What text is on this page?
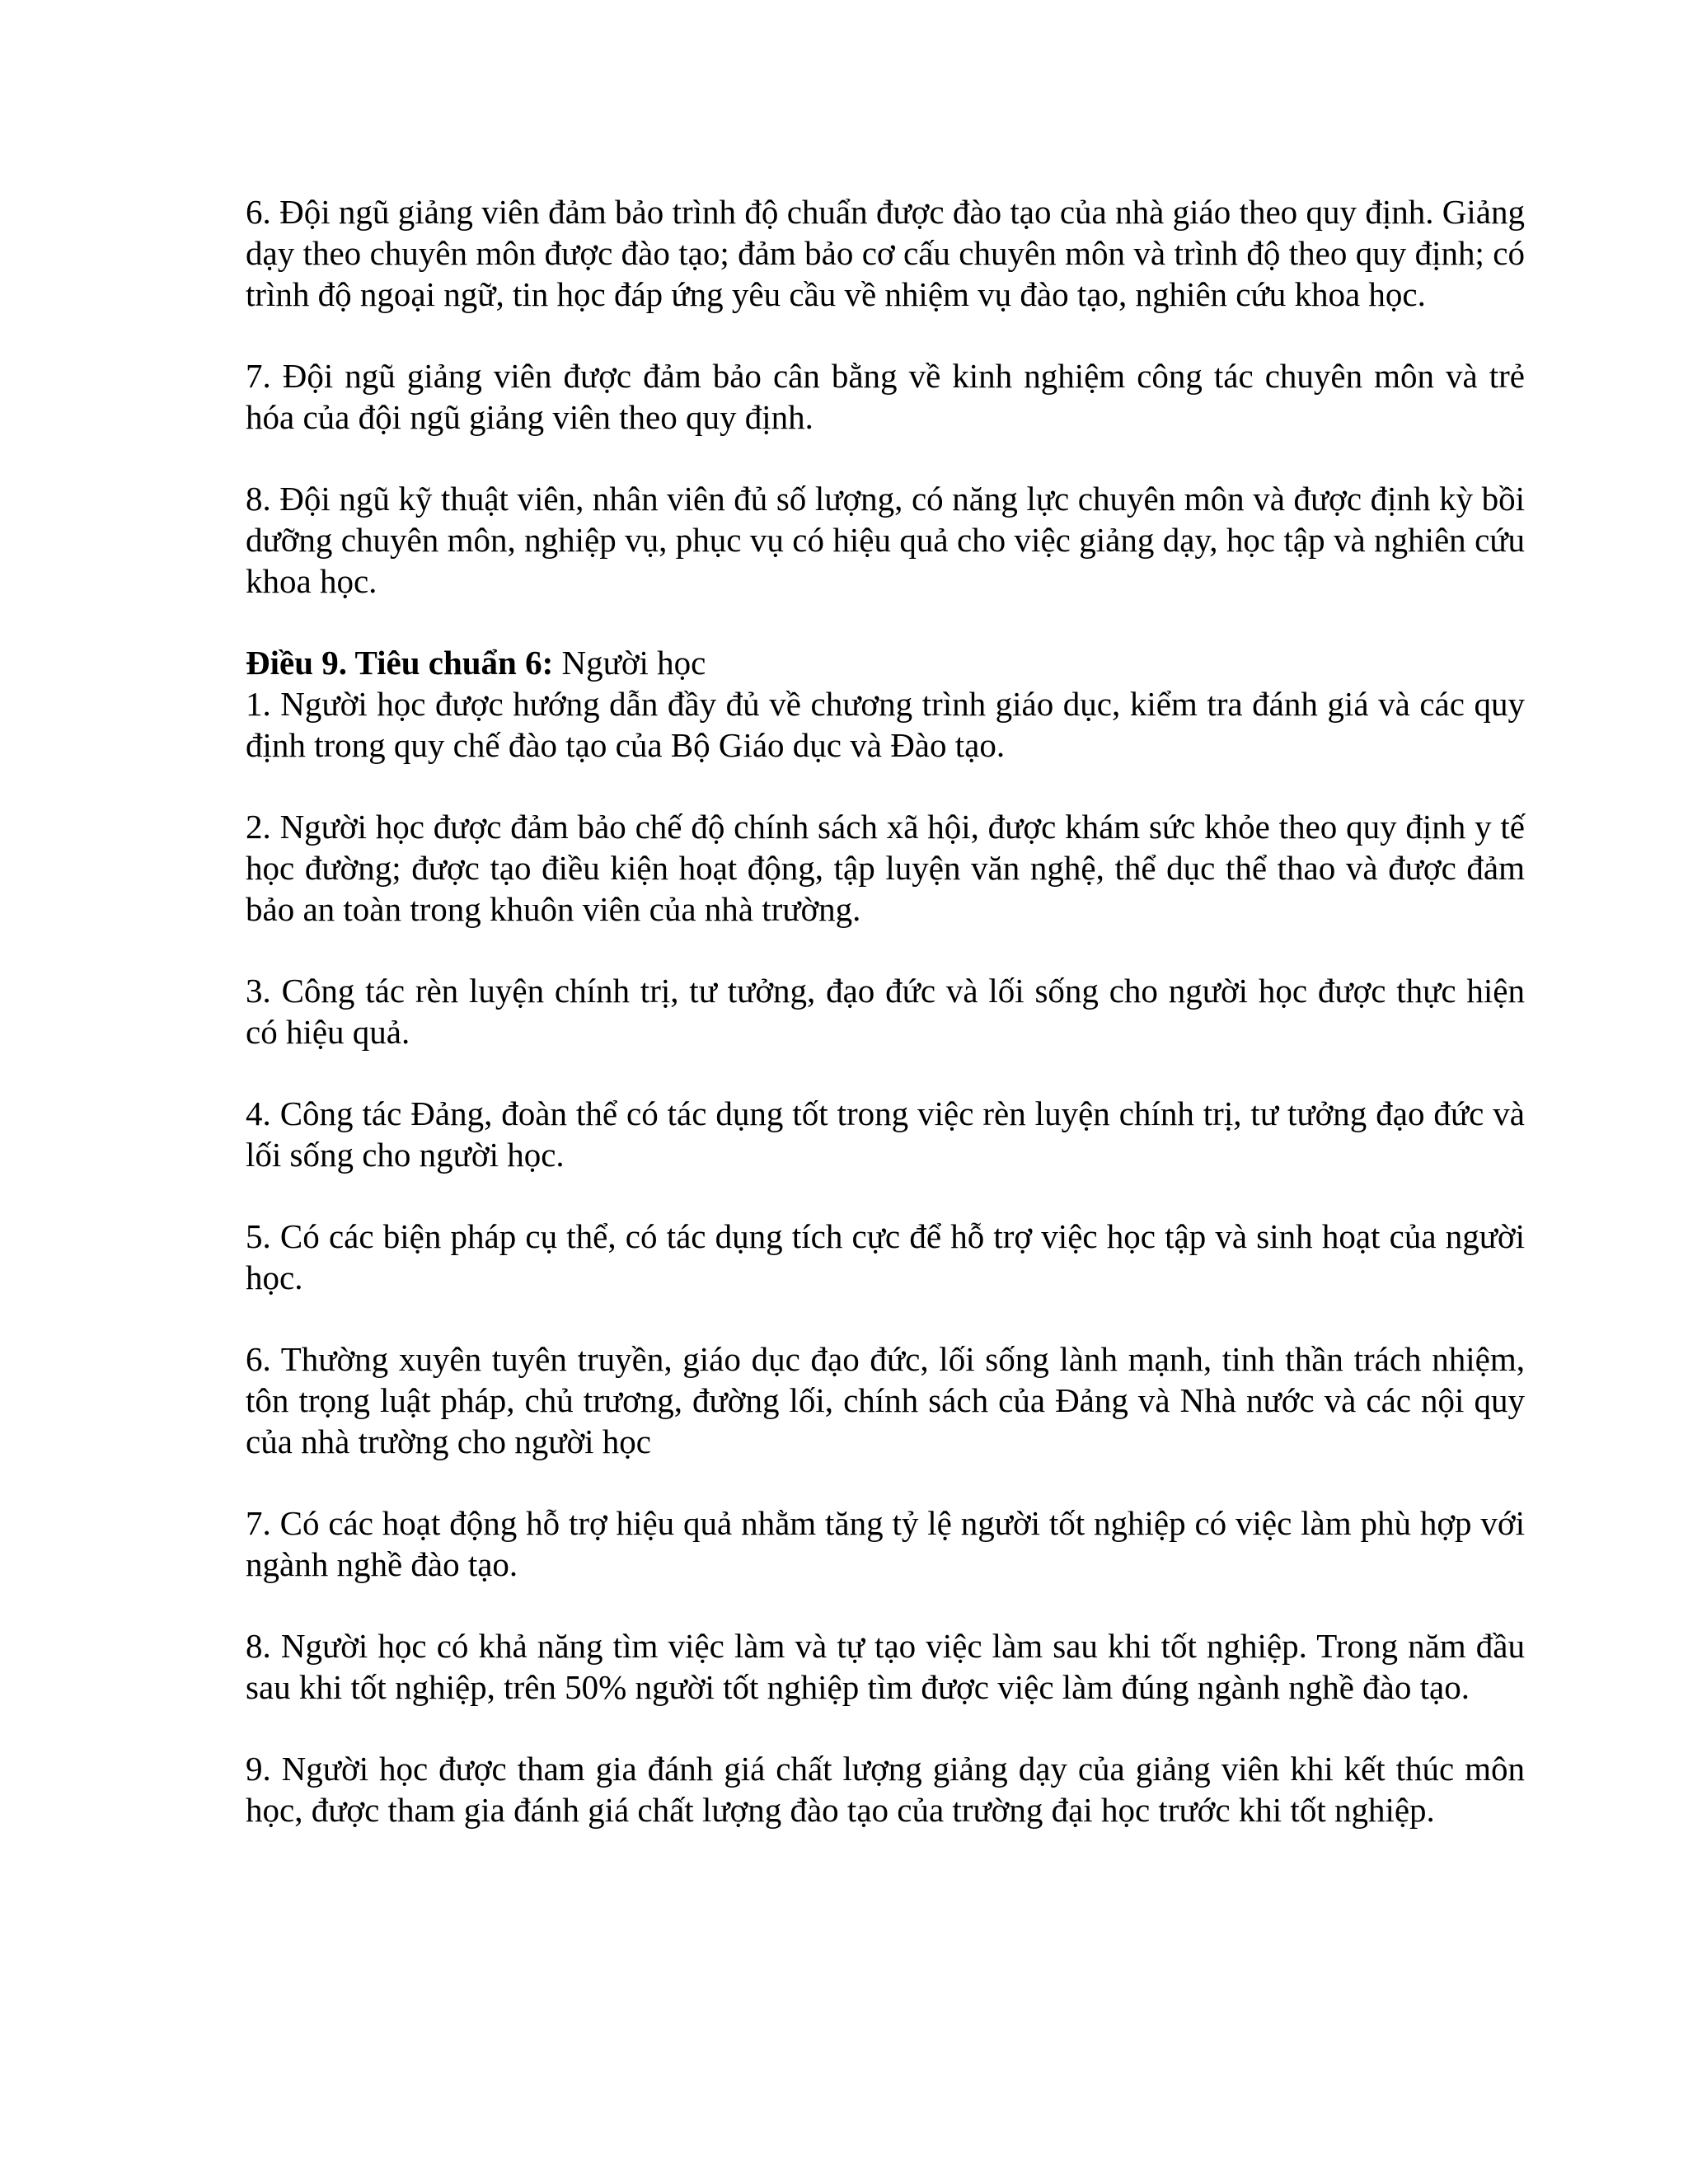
6. Đội ngũ giảng viên đảm bảo trình độ chuẩn được đào tạo của nhà giáo theo quy định. Giảng dạy theo chuyên môn được đào tạo; đảm bảo cơ cấu chuyên môn và trình độ theo quy định; có trình độ ngoại ngữ, tin học đáp ứng yêu cầu về nhiệm vụ đào tạo, nghiên cứu khoa học.

7. Đội ngũ giảng viên được đảm bảo cân bằng về kinh nghiệm công tác chuyên môn và trẻ hóa của đội ngũ giảng viên theo quy định.

8. Đội ngũ kỹ thuật viên, nhân viên đủ số lượng, có năng lực chuyên môn và được định kỳ bồi dưỡng chuyên môn, nghiệp vụ, phục vụ có hiệu quả cho việc giảng dạy, học tập và nghiên cứu khoa học.

Điều 9. Tiêu chuẩn 6: Người học

1. Người học được hướng dẫn đầy đủ về chương trình giáo dục, kiểm tra đánh giá và các quy định trong quy chế đào tạo của Bộ Giáo dục và Đào tạo.

2. Người học được đảm bảo chế độ chính sách xã hội, được khám sức khỏe theo quy định y tế học đường; được tạo điều kiện hoạt động, tập luyện văn nghệ, thể dục thể thao và được đảm bảo an toàn trong khuôn viên của nhà trường.

3. Công tác rèn luyện chính trị, tư tưởng, đạo đức và lối sống cho người học được thực hiện có hiệu quả.

4. Công tác Đảng, đoàn thể có tác dụng tốt trong việc rèn luyện chính trị, tư tưởng đạo đức và lối sống cho người học.

5. Có các biện pháp cụ thể, có tác dụng tích cực để hỗ trợ việc học tập và sinh hoạt của người học.

6. Thường xuyên tuyên truyền, giáo dục đạo đức, lối sống lành mạnh, tinh thần trách nhiệm, tôn trọng luật pháp, chủ trương, đường lối, chính sách của Đảng và Nhà nước và các nội quy của nhà trường cho người học

7. Có các hoạt động hỗ trợ hiệu quả nhằm tăng tỷ lệ người tốt nghiệp có việc làm phù hợp với ngành nghề đào tạo.

8. Người học có khả năng tìm việc làm và tự tạo việc làm sau khi tốt nghiệp. Trong năm đầu sau khi tốt nghiệp, trên 50% người tốt nghiệp tìm được việc làm đúng ngành nghề đào tạo.

9. Người học được tham gia đánh giá chất lượng giảng dạy của giảng viên khi kết thúc môn học, được tham gia đánh giá chất lượng đào tạo của trường đại học trước khi tốt nghiệp.
